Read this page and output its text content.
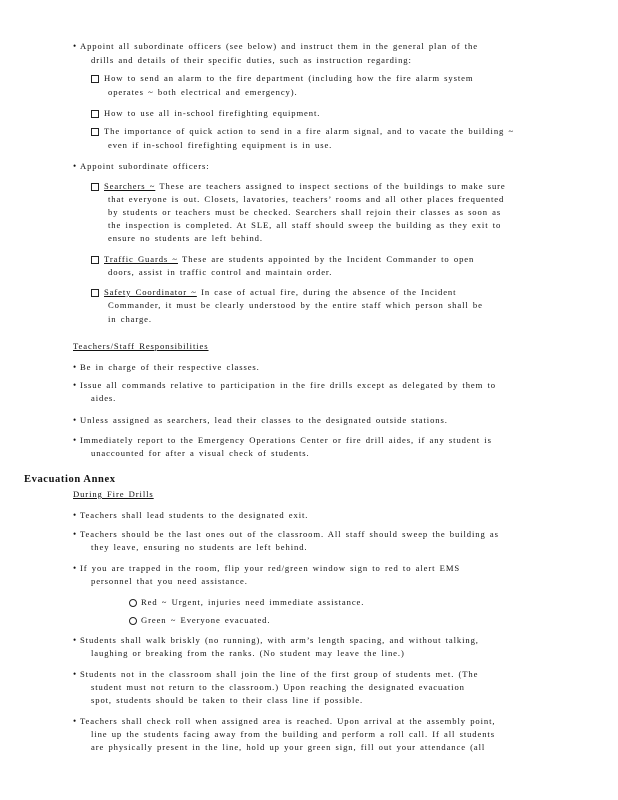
• Appoint all subordinate officers (see below) and instruct them in the general plan of the
drills and details of their specific duties, such as instruction regarding:
How to send an alarm to the fire department (including how the fire alarm system
operates ~ both electrical and emergency).
How to use all in-school firefighting equipment.
The importance of quick action to send in a fire alarm signal, and to vacate the building ~
even if in-school firefighting equipment is in use.
• Appoint subordinate officers:
Searchers ~ These are teachers assigned to inspect sections of the buildings to make sure
that everyone is out. Closets, lavatories, teachers’ rooms and all other places frequented
by students or teachers must be checked. Searchers shall rejoin their classes as soon as
the inspection is completed. At SLE, all staff should sweep the building as they exit to
ensure no students are left behind.
Traffic Guards ~ These are students appointed by the Incident Commander to open
doors, assist in traffic control and maintain order.
Safety Coordinator ~ In case of actual fire, during the absence of the Incident
Commander, it must be clearly understood by the entire staff which person shall be
in charge.
Teachers/Staff Responsibilities
• Be in charge of their respective classes.
• Issue all commands relative to participation in the fire drills except as delegated by them to
aides.
• Unless assigned as searchers, lead their classes to the designated outside stations.
• Immediately report to the Emergency Operations Center or fire drill aides, if any student is
unaccounted for after a visual check of students.
Evacuation Annex
During Fire Drills
• Teachers shall lead students to the designated exit.
• Teachers should be the last ones out of the classroom. All staff should sweep the building as
they leave, ensuring no students are left behind.
• If you are trapped in the room, flip your red/green window sign to red to alert EMS
personnel that you need assistance.
Red ~ Urgent, injuries need immediate assistance.
Green ~ Everyone evacuated.
• Students shall walk briskly (no running), with arm’s length spacing, and without talking,
laughing or breaking from the ranks. (No student may leave the line.)
• Students not in the classroom shall join the line of the first group of students met. (The
student must not return to the classroom.) Upon reaching the designated evacuation
spot, students should be taken to their class line if possible.
• Teachers shall check roll when assigned area is reached. Upon arrival at the assembly point,
line up the students facing away from the building and perform a roll call. If all students
are physically present in the line, hold up your green sign, fill out your attendance (all
